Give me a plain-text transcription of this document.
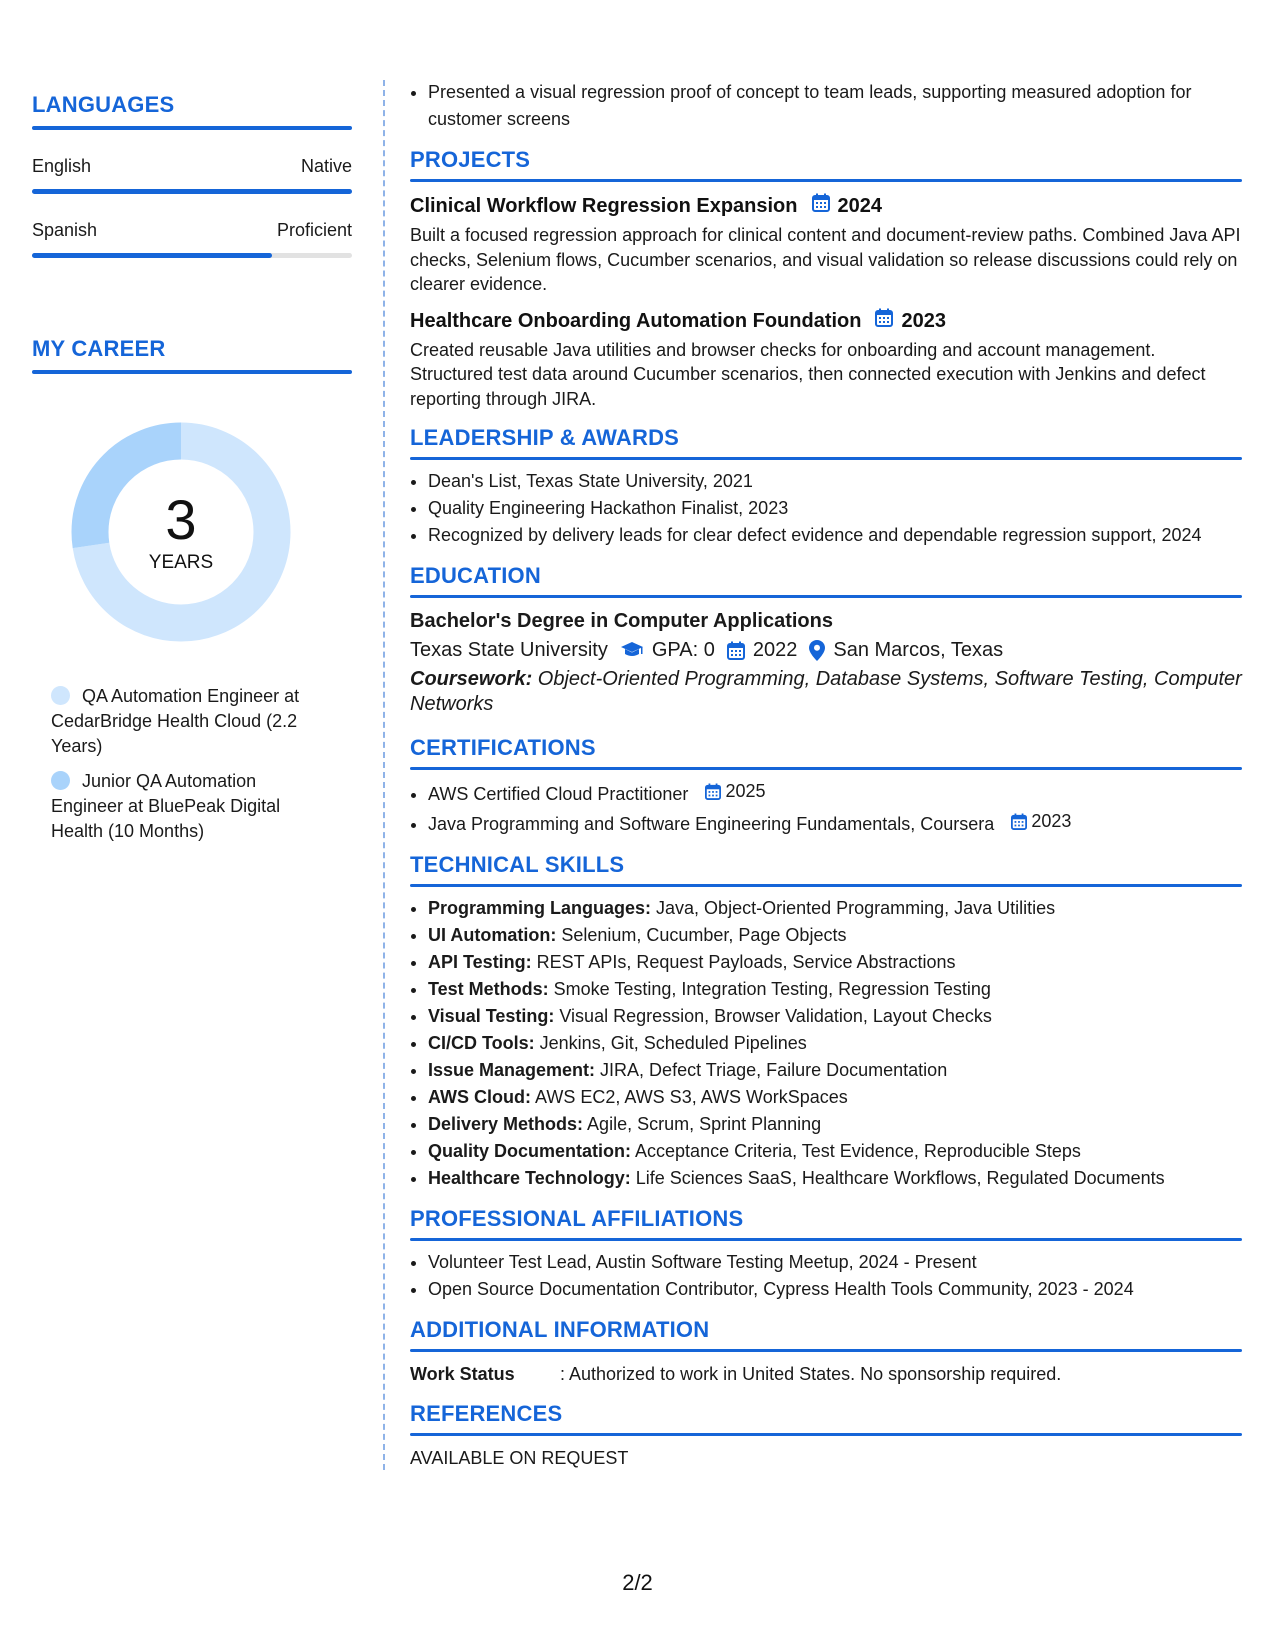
LANGUAGES
English	Native
Spanish	Proficient
MY CAREER
3
YEARS
QA Automation Engineer at CedarBridge Health Cloud (2.2 Years)
Junior QA Automation Engineer at BluePeak Digital Health (10 Months)
• Presented a visual regression proof of concept to team leads, supporting measured adoption for customer screens
PROJECTS
Clinical Workflow Regression Expansion 2024
Built a focused regression approach for clinical content and document-review paths. Combined Java API checks, Selenium flows, Cucumber scenarios, and visual validation so release discussions could rely on clearer evidence.
Healthcare Onboarding Automation Foundation 2023
Created reusable Java utilities and browser checks for onboarding and account management. Structured test data around Cucumber scenarios, then connected execution with Jenkins and defect reporting through JIRA.
LEADERSHIP & AWARDS
• Dean's List, Texas State University, 2021
• Quality Engineering Hackathon Finalist, 2023
• Recognized by delivery leads for clear defect evidence and dependable regression support, 2024
EDUCATION
Bachelor's Degree in Computer Applications
Texas State University GPA: 0 2022 San Marcos, Texas
Coursework: Object-Oriented Programming, Database Systems, Software Testing, Computer Networks
CERTIFICATIONS
• AWS Certified Cloud Practitioner 2025
• Java Programming and Software Engineering Fundamentals, Coursera 2023
TECHNICAL SKILLS
• Programming Languages: Java, Object-Oriented Programming, Java Utilities
• UI Automation: Selenium, Cucumber, Page Objects
• API Testing: REST APIs, Request Payloads, Service Abstractions
• Test Methods: Smoke Testing, Integration Testing, Regression Testing
• Visual Testing: Visual Regression, Browser Validation, Layout Checks
• CI/CD Tools: Jenkins, Git, Scheduled Pipelines
• Issue Management: JIRA, Defect Triage, Failure Documentation
• AWS Cloud: AWS EC2, AWS S3, AWS WorkSpaces
• Delivery Methods: Agile, Scrum, Sprint Planning
• Quality Documentation: Acceptance Criteria, Test Evidence, Reproducible Steps
• Healthcare Technology: Life Sciences SaaS, Healthcare Workflows, Regulated Documents
PROFESSIONAL AFFILIATIONS
• Volunteer Test Lead, Austin Software Testing Meetup, 2024 - Present
• Open Source Documentation Contributor, Cypress Health Tools Community, 2023 - 2024
ADDITIONAL INFORMATION
Work Status	: Authorized to work in United States. No sponsorship required.
REFERENCES
AVAILABLE ON REQUEST
2/2
